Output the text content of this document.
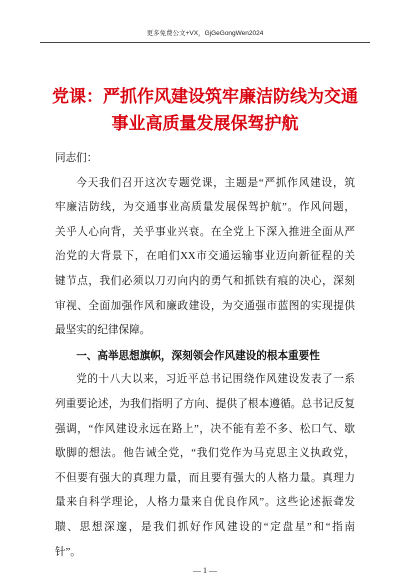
更多免费公文+VX，GjGeGongWen2024
党课：严抓作风建设筑牢廉洁防线为交通
事业高质量发展保驾护航
同志们：
今天我们召开这次专题党课，主题是“严抓作风建设，筑
牢廉洁防线，为交通事业高质量发展保驾护航”。作风问题，
关乎人心向背，关乎事业兴衰。在全党上下深入推进全面从严
治党的大背景下，在咱们XX市交通运输事业迈向新征程的关
键节点，我们必须以刀刃向内的勇气和抓铁有痕的决心，深刻
审视、全面加强作风和廉政建设，为交通强市蓝图的实现提供
最坚实的纪律保障。
一、高举思想旗帜，深刻领会作风建设的根本重要性
党的十八大以来，习近平总书记围绕作风建设发表了一系
列重要论述，为我们指明了方向、提供了根本遵循。总书记反复
强调，“作风建设永远在路上”，决不能有差不多、松口气、歇
歇脚的想法。他告诫全党，“我们党作为马克思主义执政党，
不但要有强大的真理力量，而且要有强大的人格力量。真理力
量来自科学理论，人格力量来自优良作风”。这些论述振聋发
聩、思想深邃，是我们抓好作风建设的“定盘星”和“指南
针”。
— 1 —
